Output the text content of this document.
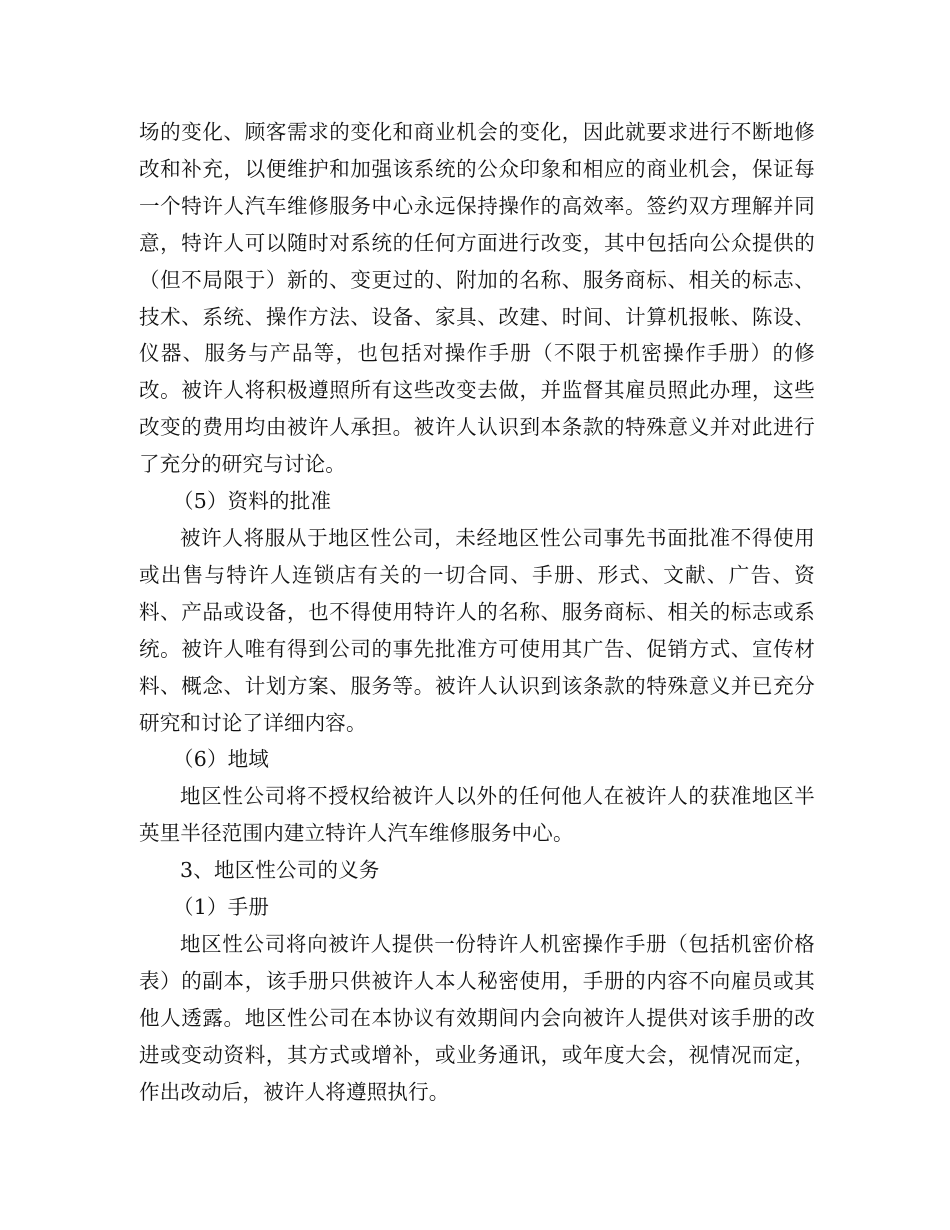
场的变化、顾客需求的变化和商业机会的变化，因此就要求进行不断地修改和补充，以便维护和加强该系统的公众印象和相应的商业机会，保证每一个特许人汽车维修服务中心永远保持操作的高效率。签约双方理解并同意，特许人可以随时对系统的任何方面进行改变，其中包括向公众提供的（但不局限于）新的、变更过的、附加的名称、服务商标、相关的标志、技术、系统、操作方法、设备、家具、改建、时间、计算机报帐、陈设、仪器、服务与产品等，也包括对操作手册（不限于机密操作手册）的修改。被许人将积极遵照所有这些改变去做，并监督其雇员照此办理，这些改变的费用均由被许人承担。被许人认识到本条款的特殊意义并对此进行了充分的研究与讨论。

（5）资料的批准

被许人将服从于地区性公司，未经地区性公司事先书面批准不得使用或出售与特许人连锁店有关的一切合同、手册、形式、文献、广告、资料、产品或设备，也不得使用特许人的名称、服务商标、相关的标志或系统。被许人唯有得到公司的事先批准方可使用其广告、促销方式、宣传材料、概念、计划方案、服务等。被许人认识到该条款的特殊意义并已充分研究和讨论了详细内容。

（6）地域

地区性公司将不授权给被许人以外的任何他人在被许人的获准地区半英里半径范围内建立特许人汽车维修服务中心。

3、地区性公司的义务

（1）手册

地区性公司将向被许人提供一份特许人机密操作手册（包括机密价格表）的副本，该手册只供被许人本人秘密使用，手册的内容不向雇员或其他人透露。地区性公司在本协议有效期间内会向被许人提供对该手册的改进或变动资料，其方式或增补，或业务通讯，或年度大会，视情况而定，作出改动后，被许人将遵照执行。
